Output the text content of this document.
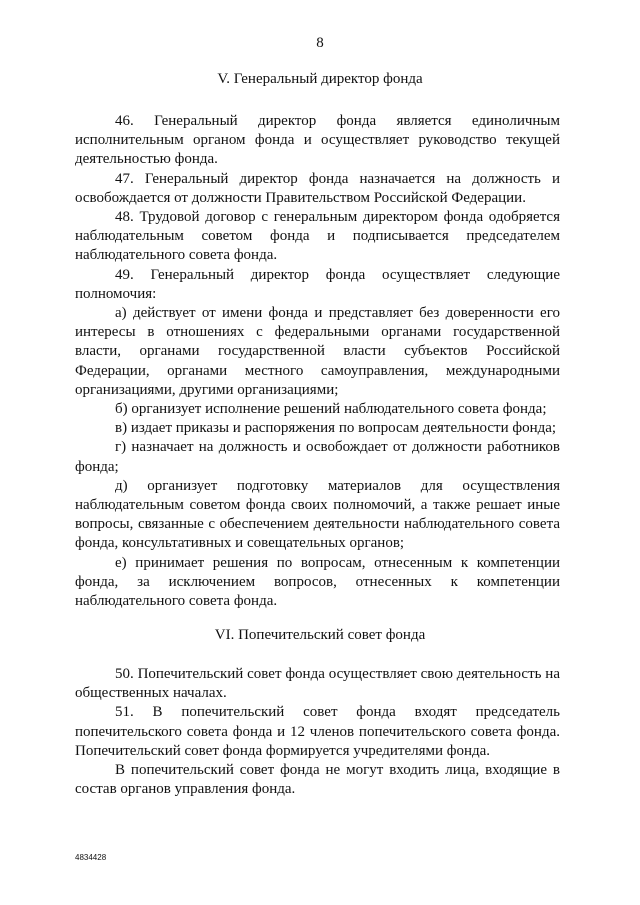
8
V. Генеральный директор фонда

46. Генеральный директор фонда является единоличным исполнительным органом фонда и осуществляет руководство текущей деятельностью фонда.

47. Генеральный директор фонда назначается на должность и освобождается от должности Правительством Российской Федерации.

48. Трудовой договор с генеральным директором фонда одобряется наблюдательным советом фонда и подписывается председателем наблюдательного совета фонда.

49. Генеральный директор фонда осуществляет следующие полномочия:

а) действует от имени фонда и представляет без доверенности его интересы в отношениях с федеральными органами государственной власти, органами государственной власти субъектов Российской Федерации, органами местного самоуправления, международными организациями, другими организациями;

б) организует исполнение решений наблюдательного совета фонда;

в) издает приказы и распоряжения по вопросам деятельности фонда;

г) назначает на должность и освобождает от должности работников фонда;

д) организует подготовку материалов для осуществления наблюдательным советом фонда своих полномочий, а также решает иные вопросы, связанные с обеспечением деятельности наблюдательного совета фонда, консультативных и совещательных органов;

е) принимает решения по вопросам, отнесенным к компетенции фонда, за исключением вопросов, отнесенных к компетенции наблюдательного совета фонда.

VI. Попечительский совет фонда

50. Попечительский совет фонда осуществляет свою деятельность на общественных началах.

51. В попечительский совет фонда входят председатель попечительского совета фонда и 12 членов попечительского совета фонда. Попечительский совет фонда формируется учредителями фонда.

В попечительский совет фонда не могут входить лица, входящие в состав органов управления фонда.

4834428
